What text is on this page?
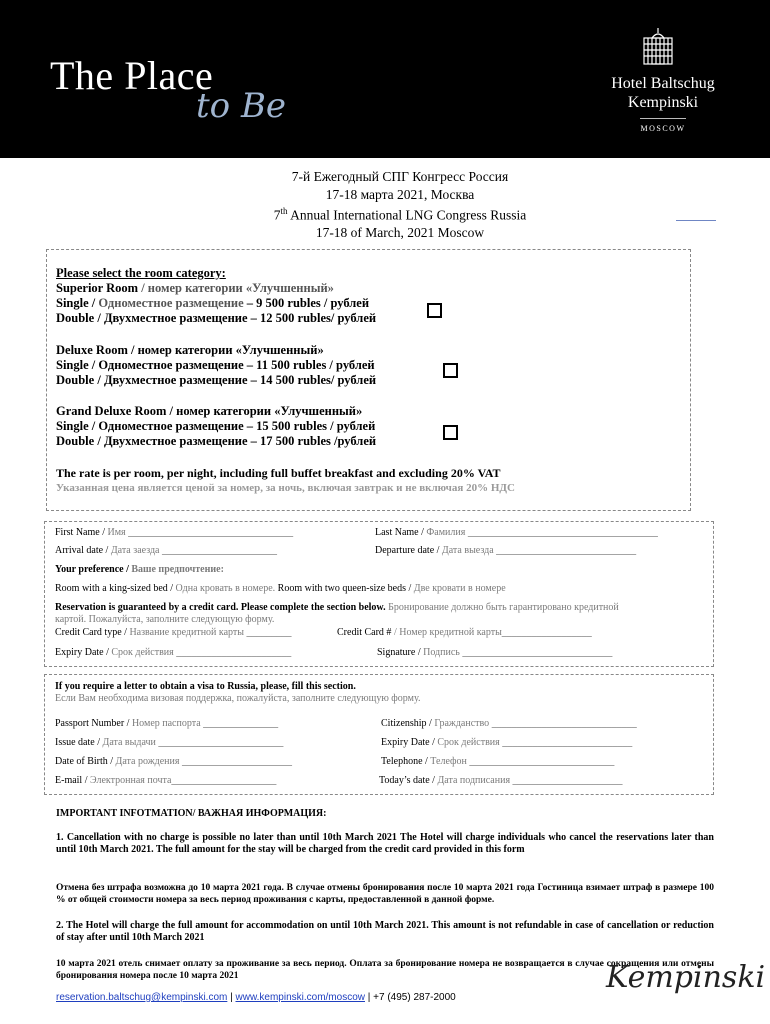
The Place
to Be
Hotel Baltschug
Kempinski
MOSCOW
7-й Ежегодный СПГ Конгресс Россия
17-18 марта 2021, Москва
7th Annual International LNG Congress Russia
17-18 of March, 2021 Moscow
Please select the room category:
Superior Room / номер категории «Улучшенный»
Single / Одноместное размещение – 9 500 rubles / рублей
Double / Двухместное размещение – 12 500 rubles/ рублей
Deluxe Room / номер категории «Улучшенный»
Single / Одноместное размещение – 11 500 rubles / рублей
Double / Двухместное размещение – 14 500 rubles/ рублей
Grand Deluxe Room / номер категории «Улучшенный»
Single / Одноместное размещение – 15 500 rubles / рублей
Double / Двухместное размещение – 17 500 rubles /рублей
The rate is per room, per night, including full buffet breakfast and excluding 20% VAT
Указанная цена является ценой за номер, за ночь, включая завтрак и не включая 20% НДС
First Name / Имя _________________________________	Last Name / Фамилия ______________________________________
Arrival date / Дата заезда _______________________	Departure date / Дата выезда ____________________________
Your preference / Ваше предпочтение:
Room with a king-sized bed / Одна кровать в номере. Room with two queen-size beds / Две кровати в номере
Reservation is guaranteed by a credit card. Please complete the section below. Бронирование должно быть гарантировано кредитной
картой. Пожалуйста, заполните следующую форму.
Credit Card type / Название кредитной карты _________	Credit Card # / Номер кредитной карты__________________
Expiry Date / Срок действия _______________________	Signature / Подпись ______________________________
If you require a letter to obtain a visa to Russia, please, fill this section.
Если Вам необходима визовая поддержка, пожалуйста, заполните следующую форму.
Passport Number / Номер паспорта _______________	Citizenship / Гражданство _____________________________
Issue date / Дата выдачи _________________________	Expiry Date / Срок действия __________________________
Date of Birth / Дата рождения ______________________	Telephone / Телефон _____________________________
E-mail / Электронная почта_____________________	Today’s date / Дата подписания ______________________
IMPORTANT INFOTMATION/ ВАЖНАЯ ИНФОРМАЦИЯ:
1. Cancellation with no charge is possible no later than until 10th March 2021 The Hotel will charge individuals who cancel the reservations later than until 10th March 2021. The full amount for the stay will be charged from the credit card provided in this form
Отмена без штрафа возможна до 10 марта 2021 года. В случае отмены бронирования после 10 марта 2021 года Гостиница взимает штраф в размере 100 % от общей стоимости номера за весь период проживания с карты, предоставленной в данной форме.
2. The Hotel will charge the full amount for accommodation on until 10th March 2021. This amount is not refundable in case of cancellation or reduction of stay after until 10th March 2021
10 марта 2021 отель снимает оплату за проживание за весь период. Оплата за бронирование номера не возвращается в случае сокращения или отмены бронирования номера после 10 марта 2021
reservation.baltschug@kempinski.com | www.kempinski.com/moscow | +7 (495) 287-2000
Kempinski
